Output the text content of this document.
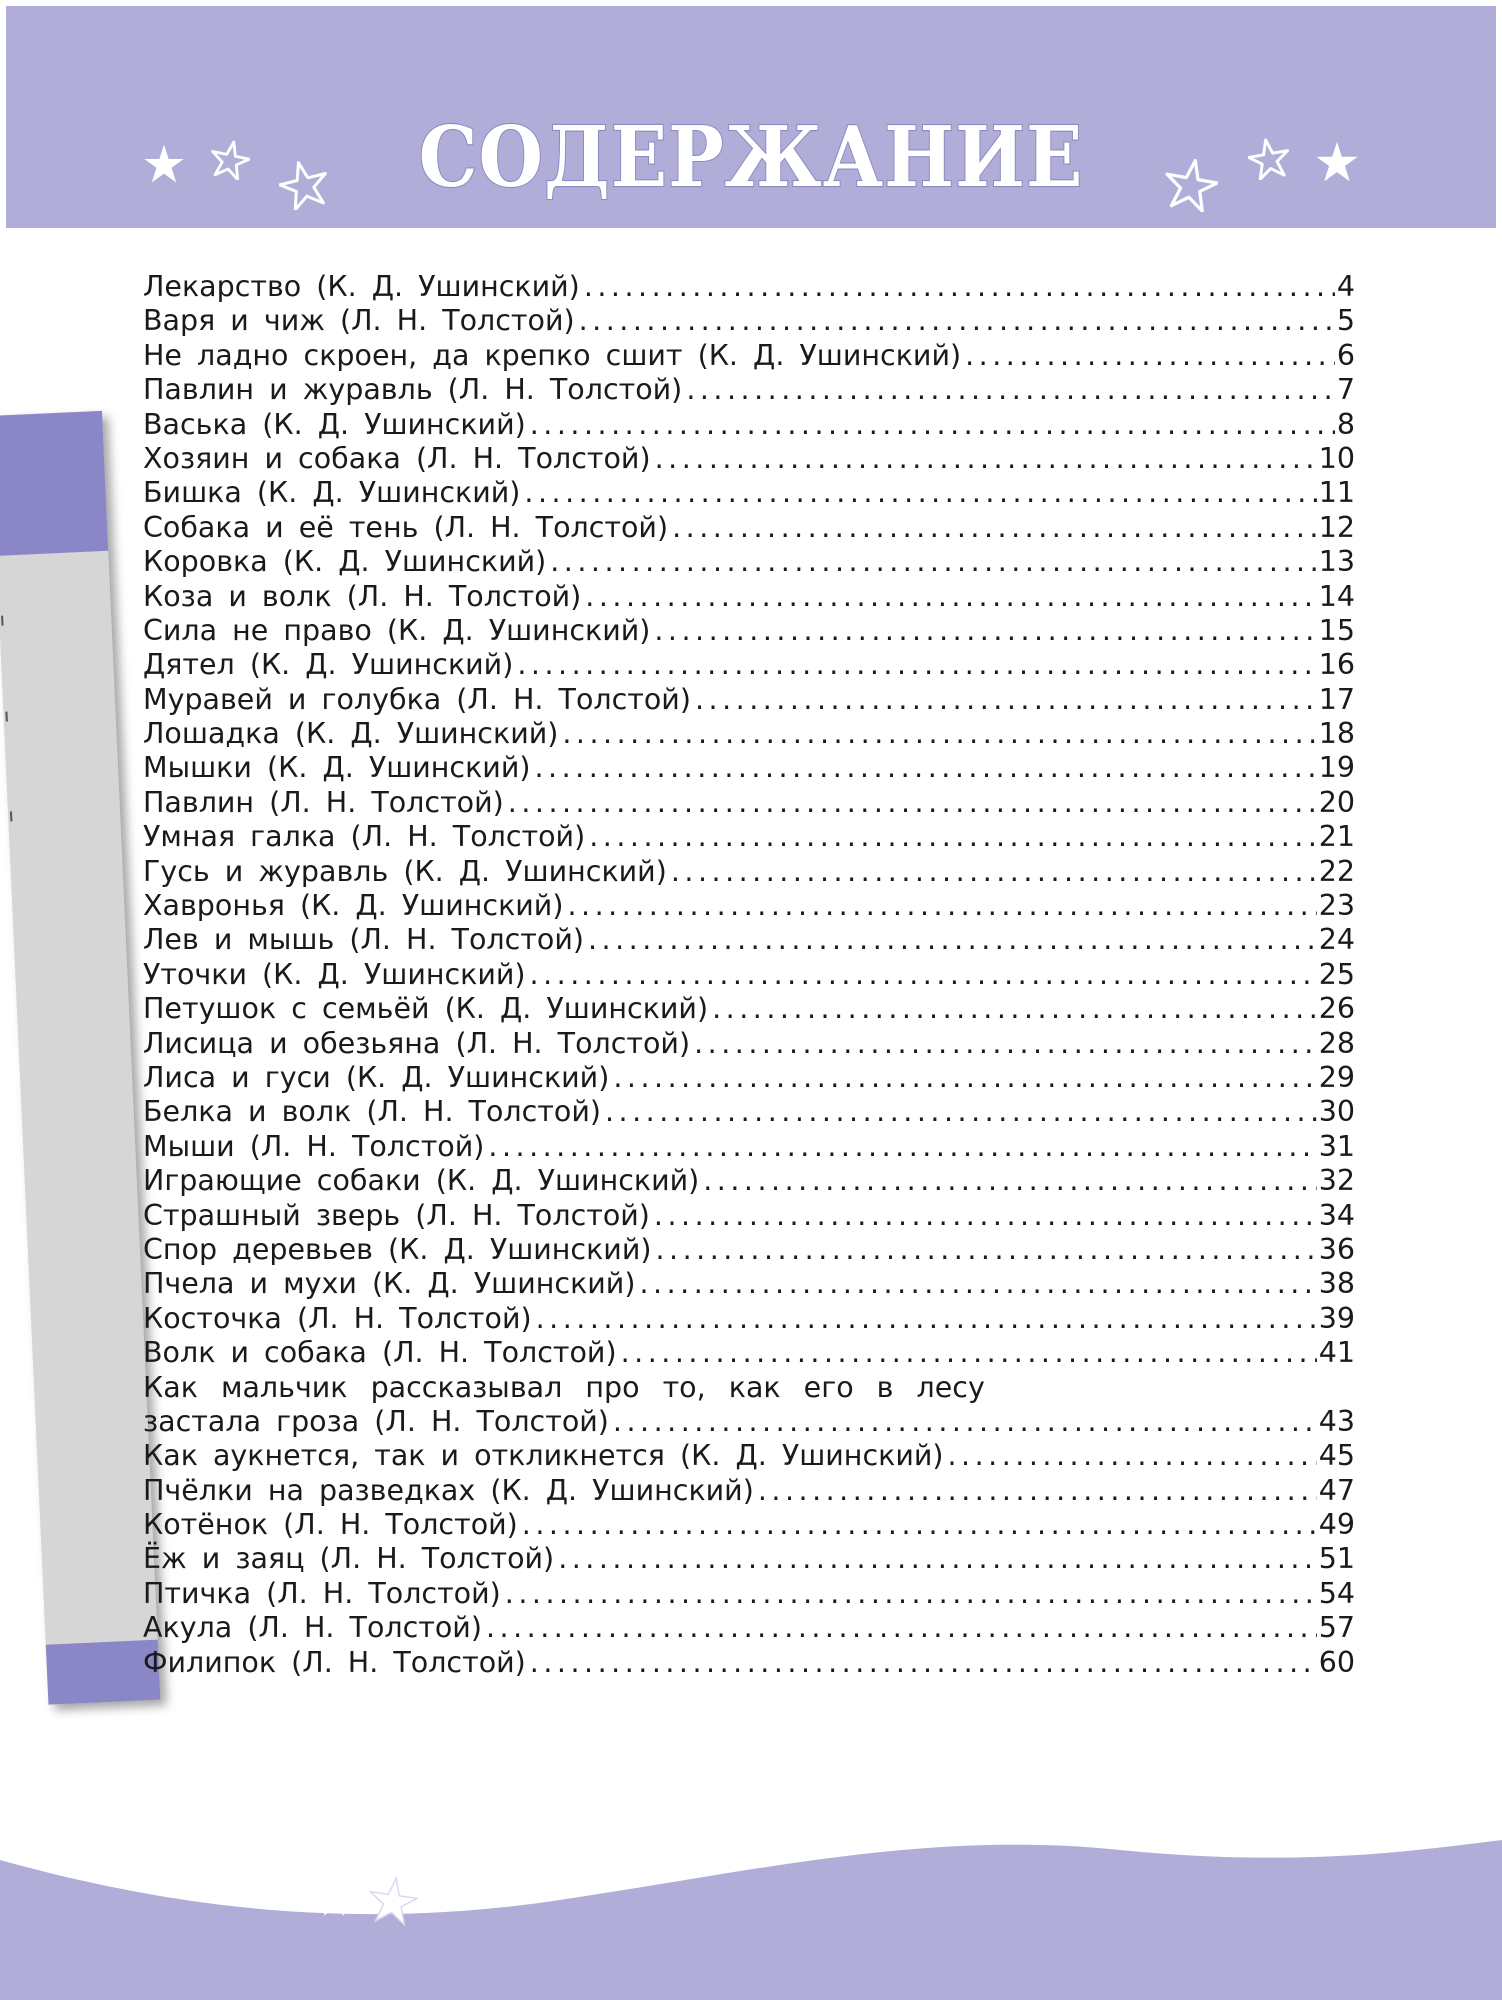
СОДЕРЖАНИЕ
Лекарство (К. Д. Ушинский) .....	4
Варя и чиж (Л. Н. Толстой) .....	5
Не ладно скроен, да крепко сшит (К. Д. Ушинский) .....	6
Павлин и журавль (Л. Н. Толстой) .....	7
Васька (К. Д. Ушинский) .....	8
Хозяин и собака (Л. Н. Толстой) .....	10
Бишка (К. Д. Ушинский) .....	11
Собака и её тень (Л. Н. Толстой) .....	12
Коровка (К. Д. Ушинский) .....	13
Коза и волк (Л. Н. Толстой) .....	14
Сила не право (К. Д. Ушинский) .....	15
Дятел (К. Д. Ушинский) .....	16
Муравей и голубка (Л. Н. Толстой) .....	17
Лошадка (К. Д. Ушинский) .....	18
Мышки (К. Д. Ушинский) .....	19
Павлин (Л. Н. Толстой) .....	20
Умная галка (Л. Н. Толстой) .....	21
Гусь и журавль (К. Д. Ушинский) .....	22
Хавронья (К. Д. Ушинский) .....	23
Лев и мышь (Л. Н. Толстой) .....	24
Уточки (К. Д. Ушинский) .....	25
Петушок с семьёй (К. Д. Ушинский) .....	26
Лисица и обезьяна (Л. Н. Толстой) .....	28
Лиса и гуси (К. Д. Ушинский) .....	29
Белка и волк (Л. Н. Толстой) .....	30
Мыши (Л. Н. Толстой) .....	31
Играющие собаки (К. Д. Ушинский) .....	32
Страшный зверь (Л. Н. Толстой) .....	34
Спор деревьев (К. Д. Ушинский) .....	36
Пчела и мухи (К. Д. Ушинский) .....	38
Косточка (Л. Н. Толстой) .....	39
Волк и собака (Л. Н. Толстой) .....	41
Как мальчик рассказывал про то, как его в лесу
застала гроза (Л. Н. Толстой) .....	43
Как аукнется, так и откликнется (К. Д. Ушинский) .....	45
Пчёлки на разведках (К. Д. Ушинский) .....	47
Котёнок (Л. Н. Толстой) .....	49
Ёж и заяц (Л. Н. Толстой) .....	51
Птичка (Л. Н. Толстой) .....	54
Акула (Л. Н. Толстой) .....	57
Филипок (Л. Н. Толстой) .....	60
